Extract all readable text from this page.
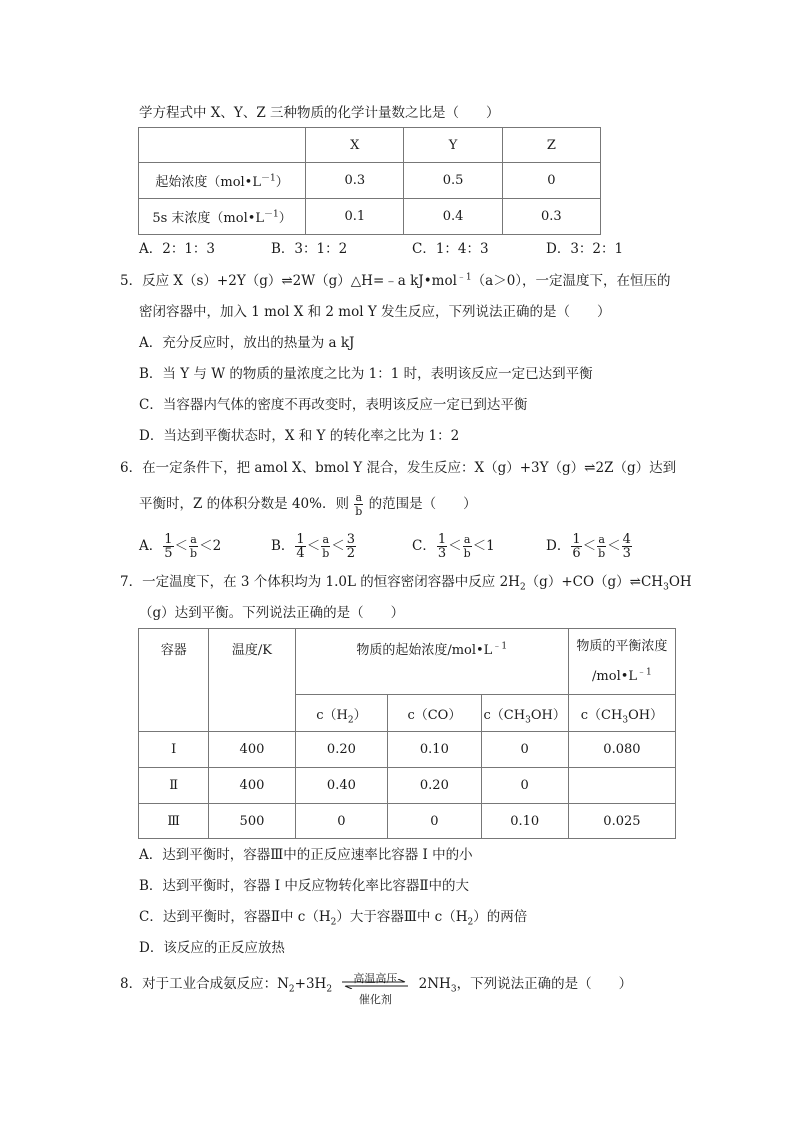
学方程式中 X、Y、Z 三种物质的化学计量数之比是（　　）
	X	Y	Z
起始浓度$(mol•L^{-1})$	0.3	0.5	0
5s 末浓度$(mol•L^{-1})$	0.1	0.4	0.3
A．2：1：3	B．3：1：2	C．1：4：3	D．3：2：1
5．反应 X（s）+2Y（g）⇌2W（g）△H=﹣a kJ•mol$^{﹣1}$（a＞0），一定温度下，在恒压的
密闭容器中，加入 1 mol X 和 2 mol Y 发生反应，下列说法正确的是（　　）
A．充分反应时，放出的热量为 a kJ
B．当 Y 与 W 的物质的量浓度之比为 1：1 时，表明该反应一定已达到平衡
C．当容器内气体的密度不再改变时，表明该反应一定已到达平衡
D．当达到平衡状态时，X 和 Y 的转化率之比为 1：2
6．在一定条件下，把 amol X、bmol Y 混合，发生反应：X（g）+3Y（g）⇌2Z（g）达到
平衡时，Z 的体积分数是 40%．则 $\frac{a}{b}$ 的范围是（　　）
A． $\frac{1}{5} < \frac{a}{b} <2$	B． $\frac{1}{4} < \frac{a}{b} < \frac{3}{2}$	C． $\frac{1}{3} < \frac{a}{b} <1$	D． $\frac{1}{6} < \frac{a}{b} < \frac{4}{3}$
7．一定温度下，在 3 个体积均为 1.0L 的恒容密闭容器中反应 $2H_2(g)+CO(g)\rightleftharpoons CH_3OH$
（g）达到平衡。下列说法正确的是（　　）
容器	温度/K	物质的起始浓度$/mol•L^{﹣1}$			物质的平衡浓度
$/mol•L^{﹣1}$
		$c(H_2)$	c（CO）	$c(CH_3OH)$	$c(CH_3OH)$
Ⅰ	400	0.20	0.10	0	0.080
Ⅱ	400	0.40	0.20	0	
Ⅲ	500	0	0	0.10	0.025
A．达到平衡时，容器Ⅲ中的正反应速率比容器 I 中的小
B．达到平衡时，容器 I 中反应物转化率比容器Ⅱ中的大
C．达到平衡时，容器Ⅱ中 $c(H_2)$大于容器Ⅲ中 $c(H_2)$的两倍
D．该反应的正反应放热
8．对于工业合成氨反应：$N_2+3H_2$
高温高压
催化剂
$2NH_3$，下列说法正确的是（　　）
